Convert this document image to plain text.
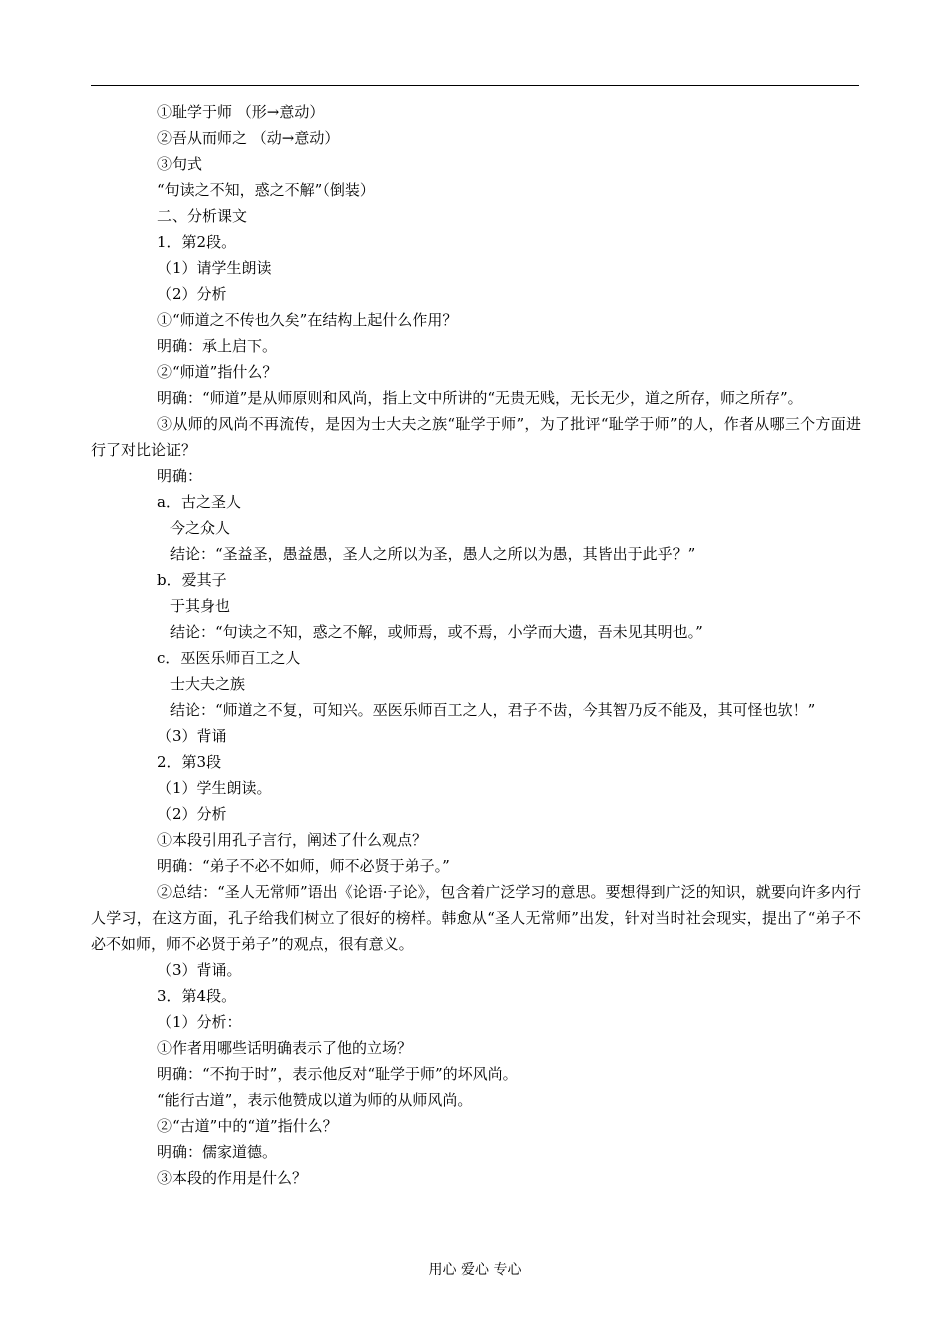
①耻学于师 （形→意动）
②吾从而师之 （动→意动）
③句式
“句读之不知，惑之不解”（倒装）
二、分析课文
1．第2段。
（1）请学生朗读
（2）分析
①“师道之不传也久矣”在结构上起什么作用？
明确：承上启下。
②“师道”指什么？
明确：“师道”是从师原则和风尚，指上文中所讲的“无贵无贱，无长无少，道之所存，师之所存”。
③从师的风尚不再流传，是因为士大夫之族“耻学于师”，为了批评“耻学于师”的人，作者从哪三个方面进行了对比论证？
明确：
a．古之圣人
今之众人
结论：“圣益圣，愚益愚，圣人之所以为圣，愚人之所以为愚，其皆出于此乎？”
b．爱其子
于其身也
结论：“句读之不知，惑之不解，或师焉，或不焉，小学而大遗，吾未见其明也。”
c．巫医乐师百工之人
士大夫之族
结论：“师道之不复，可知兴。巫医乐师百工之人，君子不齿，今其智乃反不能及，其可怪也欤！”
（3）背诵
2．第3段
（1）学生朗读。
（2）分析
①本段引用孔子言行，阐述了什么观点？
明确：“弟子不必不如师，师不必贤于弟子。”
②总结：“圣人无常师”语出《论语·子论》，包含着广泛学习的意思。要想得到广泛的知识，就要向许多内行人学习，在这方面，孔子给我们树立了很好的榜样。韩愈从“圣人无常师”出发，针对当时社会现实，提出了“弟子不必不如师，师不必贤于弟子”的观点，很有意义。
（3）背诵。
3．第4段。
（1）分析：
①作者用哪些话明确表示了他的立场？
明确：“不拘于时”，表示他反对“耻学于师”的坏风尚。
“能行古道”，表示他赞成以道为师的从师风尚。
②“古道”中的“道”指什么？
明确：儒家道德。
③本段的作用是什么？
用心 爱心 专心
